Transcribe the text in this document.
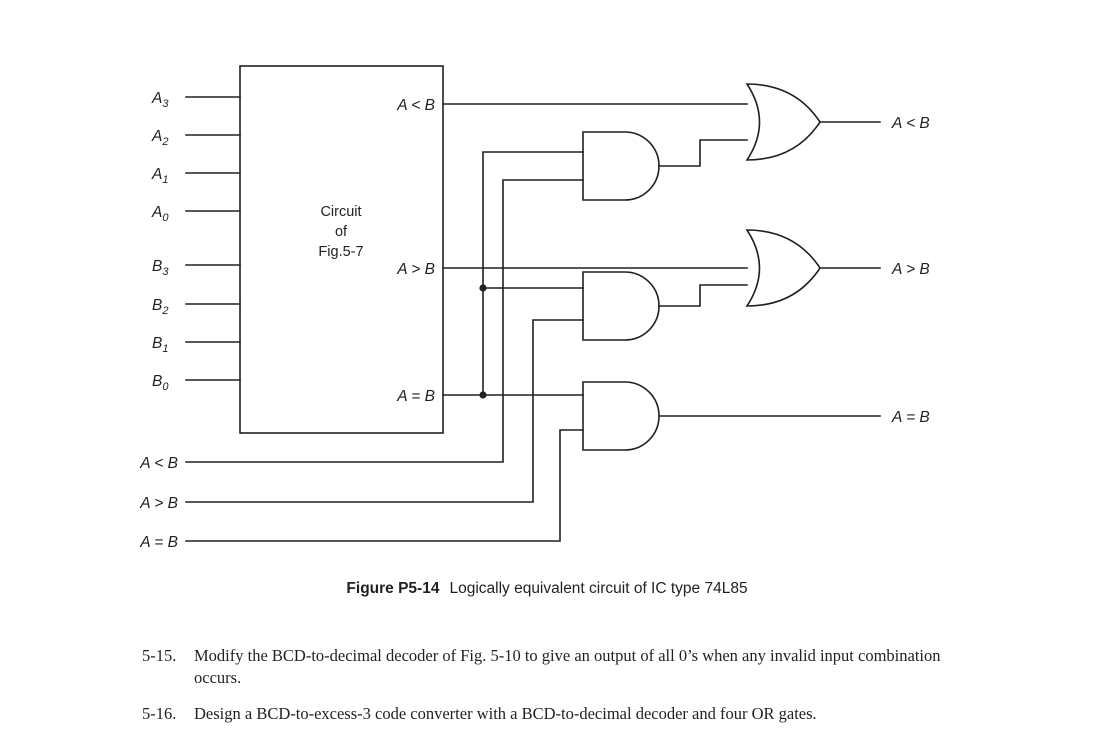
$A_3$
$A_2$
$A_1$
$A_0$
$B_3$
$B_2$
$B_1$
$B_0$
A < B
A > B
A = B
Circuit
of
Fig.5-7
A < B
A > B
A = B
A < B
A > B
A = B
Figure P5-14 Logically equivalent circuit of IC type 74L85
5-15.	Modify the BCD-to-decimal decoder of Fig. 5-10 to give an output of all 0’s when any invalid input combination occurs.
5-16.	Design a BCD-to-excess-3 code converter with a BCD-to-decimal decoder and four OR gates.
